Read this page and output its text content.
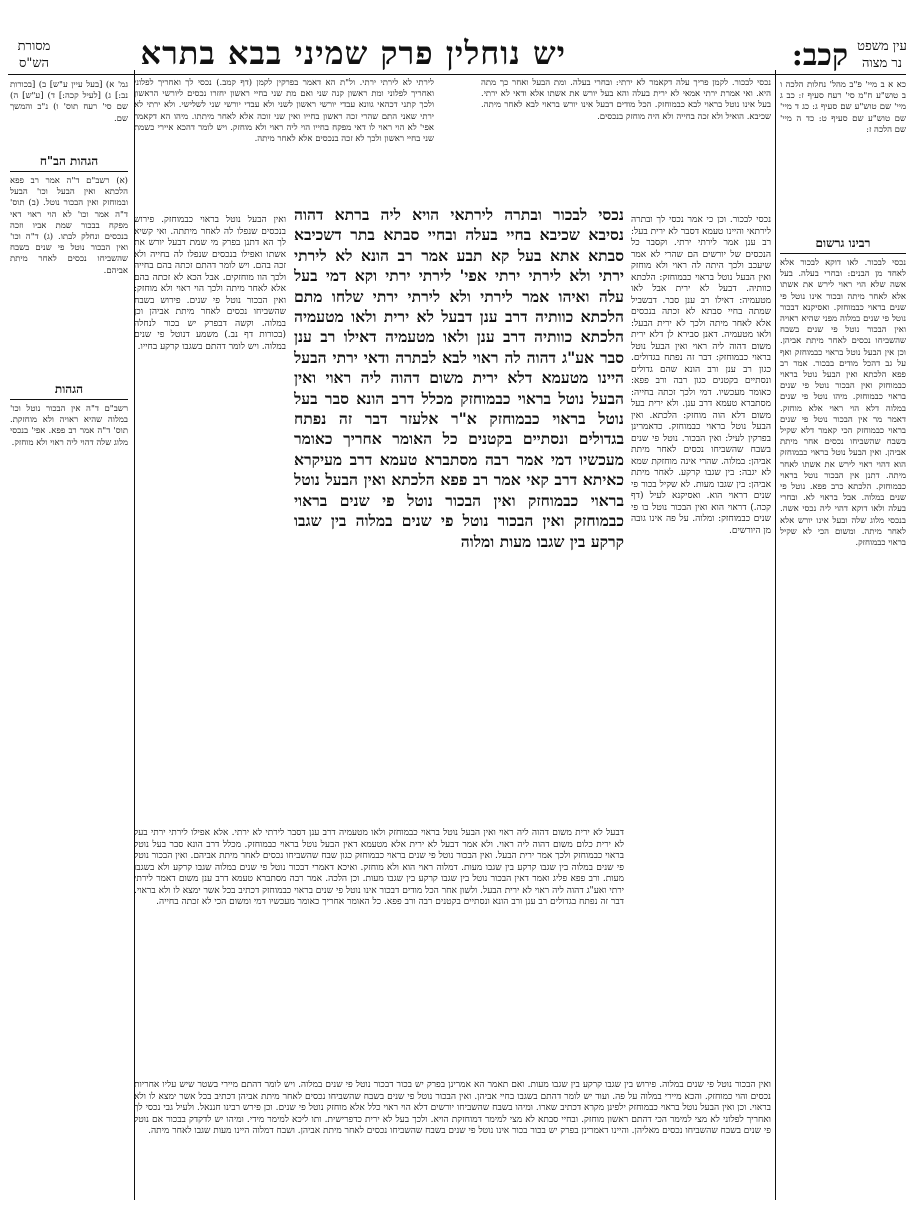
קכב:
יש נוחלין פרק שמיני בבא בתרא	עין משפט
נר מצוה
מסורת
הש"ס
כא א ב מיי' פ"ב מהל' נחלות הלכה ו ב טוש"ע ח"מ סי' רעח סעיף ז: כב ג מיי' שם טוש"ע שם סעיף ג: כג ד מיי' שם טוש"ע שם סעיף ט: כד ה מיי' שם הלכה ז:
רבינו גרשום
נכסי לבכור. לאו דוקא לבכור אלא לאחד מן הבנים: ובחרי בעלה. בעל אשה שלא הוי ראוי לירש את אשתו אלא לאחר מיתה ובכור אינו נוטל פי שנים בראוי כבמוחזק. ואסיקנא דבכור נוטל פי שנים במלוה מפני שהיא ראויה ואין הבכור נוטל פי שנים בשבח שהשביחו נכסים לאחר מיתת אביהן. וכן אין הבעל נוטל בראוי כבמוחזק ואף על גב דהכל מודים בבכור. אמר רב פפא הלכתא ואין הבעל נוטל בראוי כבמוחזק ואין הבכור נוטל פי שנים בראוי כבמוחזק. מיהו נוטל פי שנים במלוה דלא הוי ראוי אלא מוחזק. דאמר מר אין הבכור נוטל פי שנים בראוי כבמוחזק הכי קאמר דלא שקיל בשבח שהשביחו נכסים אחר מיתת אביהן. ואין הבעל נוטל בראוי כבמוחזק הוא דהוי ראוי לירש את אשתו לאחר מיתה. דתנן אין הבכור נוטל בראוי כבמוחזק. הלכתא כרב פפא. נוטל פי שנים במלוה. אבל בראוי לא. ובחרי בעלה ולאו דוקא דהוי ליה נכסי אשה. בנכסי מלוג שלה ובעל אינו יורש אלא לאחר מיתה. ומשום הכי לא שקיל בראוי כבמוחזק.
גמ' א) [בעל עיין ע"ש] ב) [בכורות נב:] ג) [לעיל קכה:] ד) [ע"ש] ה) שם סי' רעח תוס' ו) נ"ב והמשך שם.
הגהות הב"ח
(א) רשב"ם ד"ה אמר רב פפא הלכתא ואין הבעל וכו' הבעל ובמוחזק ואין הבכור נוטל. (ב) תוס' ד"ה אמר וכו' לא הוי ראוי דאי מפקח בבכור שמת אביו וזכה בנכסים ונחלק לבתו. (ג) ד"ה וכו' ואין הבכור נוטל פי שנים בשבח שהשביחו נכסים לאחר מיתת אביהם.
הגהות
רשב"ם ד"ה אין הבכור נוטל וכו' במלוה שהיא ראויה ולא מוחזקת. תוס' ד"ה אמר רב פפא. אפי' בנכסי מלוג שלה דהוי ליה ראוי ולא מוחזק.
נכסי לבכור. לקמן פריך עלה דקאמר לא ירתי: ובחרי בעלה. ומת הבעל ואחר כך מתה היא. ואי אמרת ירתי אמאי לא ירית בעלה והא בעל יורש את אשתו אלא ודאי לא ירתי. בעל אינו נוטל בראוי לבא כבמוחזק. הכל מודים דבעל אינו יורש בראוי לבא לאחר מיתה. שכיבא. הואיל ולא זכה בחייה ולא היה מוחזק בנכסים.
לירתי לא לירתי ירתי. ול"ת הא דאמר בפרקין לקמן (דף קמב.) נכסי לך ואחריך לפלוני ואחריך לפלוני ומת ראשון קנה שני ואם מת שני בחיי ראשון יחזרו נכסים ליורשי הראשון ולכך קתני דכהאי גוונא עבדי יורשי ראשון לשני ולא עבדי יורשי שני לשלישי. ולא ירתי לא ירתי שאני התם שהרי זכה ראשון בחייו ואין שני זוכה אלא לאחר מיתתו. מיהו הא דקאמר אפי' לא הוי ראוי לו דאי מפקח בחייו הוי ליה ראוי ולא מוחזק. ויש לומר דהכא איירי כשמת שני בחיי ראשון ולכך לא זכה בנכסים אלא לאחר מיתה.
נכסי לבכור ובתרה לירתאי הויא ליה ברתא דהוה נסיבא שכיבא בחיי בעלה ובחיי סבתא בתר דשכיבא סבתא אתא בעל קא תבע אמר רב הונא לא לירתי ירתי ולא לירתי ירתי אפי' לירתי ירתי וקא דמי בעל עלה ואיהו אמר לירתי ולא לירתי ירתי שלחו מתם הלכתא כוותיה דרב ענן דבעל לא ירית ולאו מטעמיה הלכתא כוותיה דרב ענן ולאו מטעמיה דאילו רב ענן סבר אע"ג דהוה לה ראוי לבא לבתרה ודאי ירתי הבעל היינו מטעמא דלא ירית משום דהוה ליה ראוי ואין הבעל נוטל בראוי כבמוחזק מכלל דרב הונא סבר בעל נוטל בראוי כבמוחזק א"ר אלעזר דבר זה נפתח בגדולים ונסתיים בקטנים כל האומר אחריך כאומר מעכשיו דמי אמר רבה מסתברא טעמא דרב מעיקרא כאיתא דרב קאי אמר רב פפא הלכתא ואין הבעל נוטל בראוי כבמוחזק ואין הבכור נוטל פי שנים בראוי כבמוחזק ואין הבכור נוטל פי שנים במלוה בין שגבו קרקע בין שגבו מעות ומלוה
נכסי לבכור. וכן כי אמר נכסי לך ובתרה לירתאי והיינו טעמא דסבר לא ירית בעל: רב ענן אמר לירתי ירתי. וקסבר כל הנכסים של יורשים הם שהרי לא אמר שיעכב ולכך היתה לה ראוי ולא מוחזק ואין הבעל נוטל בראוי כבמוחזק: הלכתא כוותיה. דבעל לא ירית אבל לאו מטעמיה: דאילו רב ענן סבר. דבשביל שמתה בחיי סבתא לא זכתה בנכסים אלא לאחר מיתה ולכך לא ירית הבעל: ולאו מטעמיה. דאנן סבירא לן דלא ירית משום דהוה ליה ראוי ואין הבעל נוטל בראוי כבמוחזק: דבר זה נפתח בגדולים. כגון רב ענן ורב הונא שהם גדולים ונסתיים בקטנים כגון רבה ורב פפא: כאומר מעכשיו. דמי ולכך זכתה בחייה: מסתברא טעמא דרב ענן. ולא ירית בעל משום דלא הוה מוחזק: הלכתא. ואין הבעל נוטל בראוי כבמוחזק. כדאמרינן בפרקין לעיל: ואין הבכור. נוטל פי שנים בשבח שהשביחו נכסים לאחר מיתת אביהן: במלוה. שהרי אינה מוחזקת שמא לא יגבה: בין שגבו קרקע. לאחר מיתת אביהן: בין שגבו מעות. לא שקיל בכור פי שנים דראוי הוא. ואסיקנא לעיל (דף קכה.) דראוי הוא ואין הבכור נוטל בו פי שנים כבמוחזק: ומלוה. על פה אינו גובה מן היורשים.
ואין הבעל נוטל בראוי כבמוחזק. פירוש בנכסים שנפלו לה לאחר מיתתה. ואי קשיא לך הא דתנן בפרק מי שמת דבעל יורש את אשתו ואפילו בנכסים שנפלו לה בחייה ולא זכה בהם. ויש לומר דהתם זכתה בהם בחייה ולכך הוו מוחזקים. אבל הכא לא זכתה בהם אלא לאחר מיתה ולכך הוי ראוי ולא מוחזק: ואין הבכור נוטל פי שנים. פירוש בשבח שהשביחו נכסים לאחר מיתת אביהן וכן במלוה. וקשה דבפרק יש בכור לנחלה (בכורות דף נב.) משמע דנוטל פי שנים במלוה. ויש לומר דהתם בשגבו קרקע בחייו.
דבעל לא ירית משום דהוה ליה ראוי ואין הבעל נוטל בראוי כבמוחזק ולאו מטעמיה דרב ענן דסבר לירתי לא ירתי. אלא אפילו לירתי ירתי בעל לא ירית כלום משום דהוה ליה ראוי. ולא אמר דבעל לא ירית אלא מטעמא דאין הבעל נוטל בראוי כבמוחזק. מכלל דרב הונא סבר בעל נוטל בראוי כבמוחזק ולכך אמר ירית הבעל. ואין הבכור נוטל פי שנים בראוי כבמוחזק כגון שבח שהשביחו נכסים לאחר מיתת אביהם. ואין הבכור נוטל פי שנים במלוה בין שגבו קרקע בין שגבו מעות. דמלוה ראוי הוא ולא מוחזק. ואיכא דאמרי דבכור נוטל פי שנים במלוה שגבו קרקע ולא בשגבו מעות. ורב פפא פליג ואמר דאין הבכור נוטל בין שגבו קרקע בין שגבו מעות. וכן הלכה. אמר רבה מסתברא טעמא דרב ענן משום דאמר לירתי ירתי ואע"ג דהוה ליה ראוי לא ירית הבעל. ולשון אחר הכל מודים דבכור אינו נוטל פי שנים בראוי כבמוחזק דכתיב בכל אשר ימצא לו ולא בראוי. דבר זה נפתח בגדולים רב ענן ורב הונא ונסתיים בקטנים רבה ורב פפא. כל האומר אחריך כאומר מעכשיו דמי ומשום הכי לא זכתה בחייה.
ואין הבכור נוטל פי שנים במלוה. פירוש בין שגבו קרקע בין שגבו מעות. ואם תאמר הא אמרינן בפרק יש בכור דבכור נוטל פי שנים במלוה. ויש לומר דהתם מיירי בשטר שיש עליו אחריות נכסים והוי כמוחזק. והכא מיירי במלוה על פה. ועוד יש לומר דהתם בשגבו בחיי אביהן. ואין הבכור נוטל פי שנים בשבח שהשביחו נכסים לאחר מיתת אביהן דכתיב בכל אשר ימצא לו ולא בראוי. וכן ואין הבעל נוטל בראוי כבמוחזק ילפינן מקרא דכתיב שארו. ומיהו בשבח שהשביחו יורשים דלא הוי ראוי כלל אלא מוחזק נוטל פי שנים. וכן פירש רבינו חננאל. ולעיל גבי נכסי לך ואחריך לפלוני לא מצי למימר הכי דהתם ראשון מוחזק. ובחיי סבתא לא מצי למימר דמוחזקת הויא. ולכך בעל לא ירית כדפרישית. ותו ליכא למימר מידי. ומיהו יש לדקדק בבכור אם נוטל פי שנים בשבח שהשביחו נכסים מאליהן. והיינו דאמרינן בפרק יש בכור בכור אינו נוטל פי שנים בשבח שהשביחו נכסים לאחר מיתת אביהן. ושבח דמלוה היינו מעות שגבו לאחר מיתה.
